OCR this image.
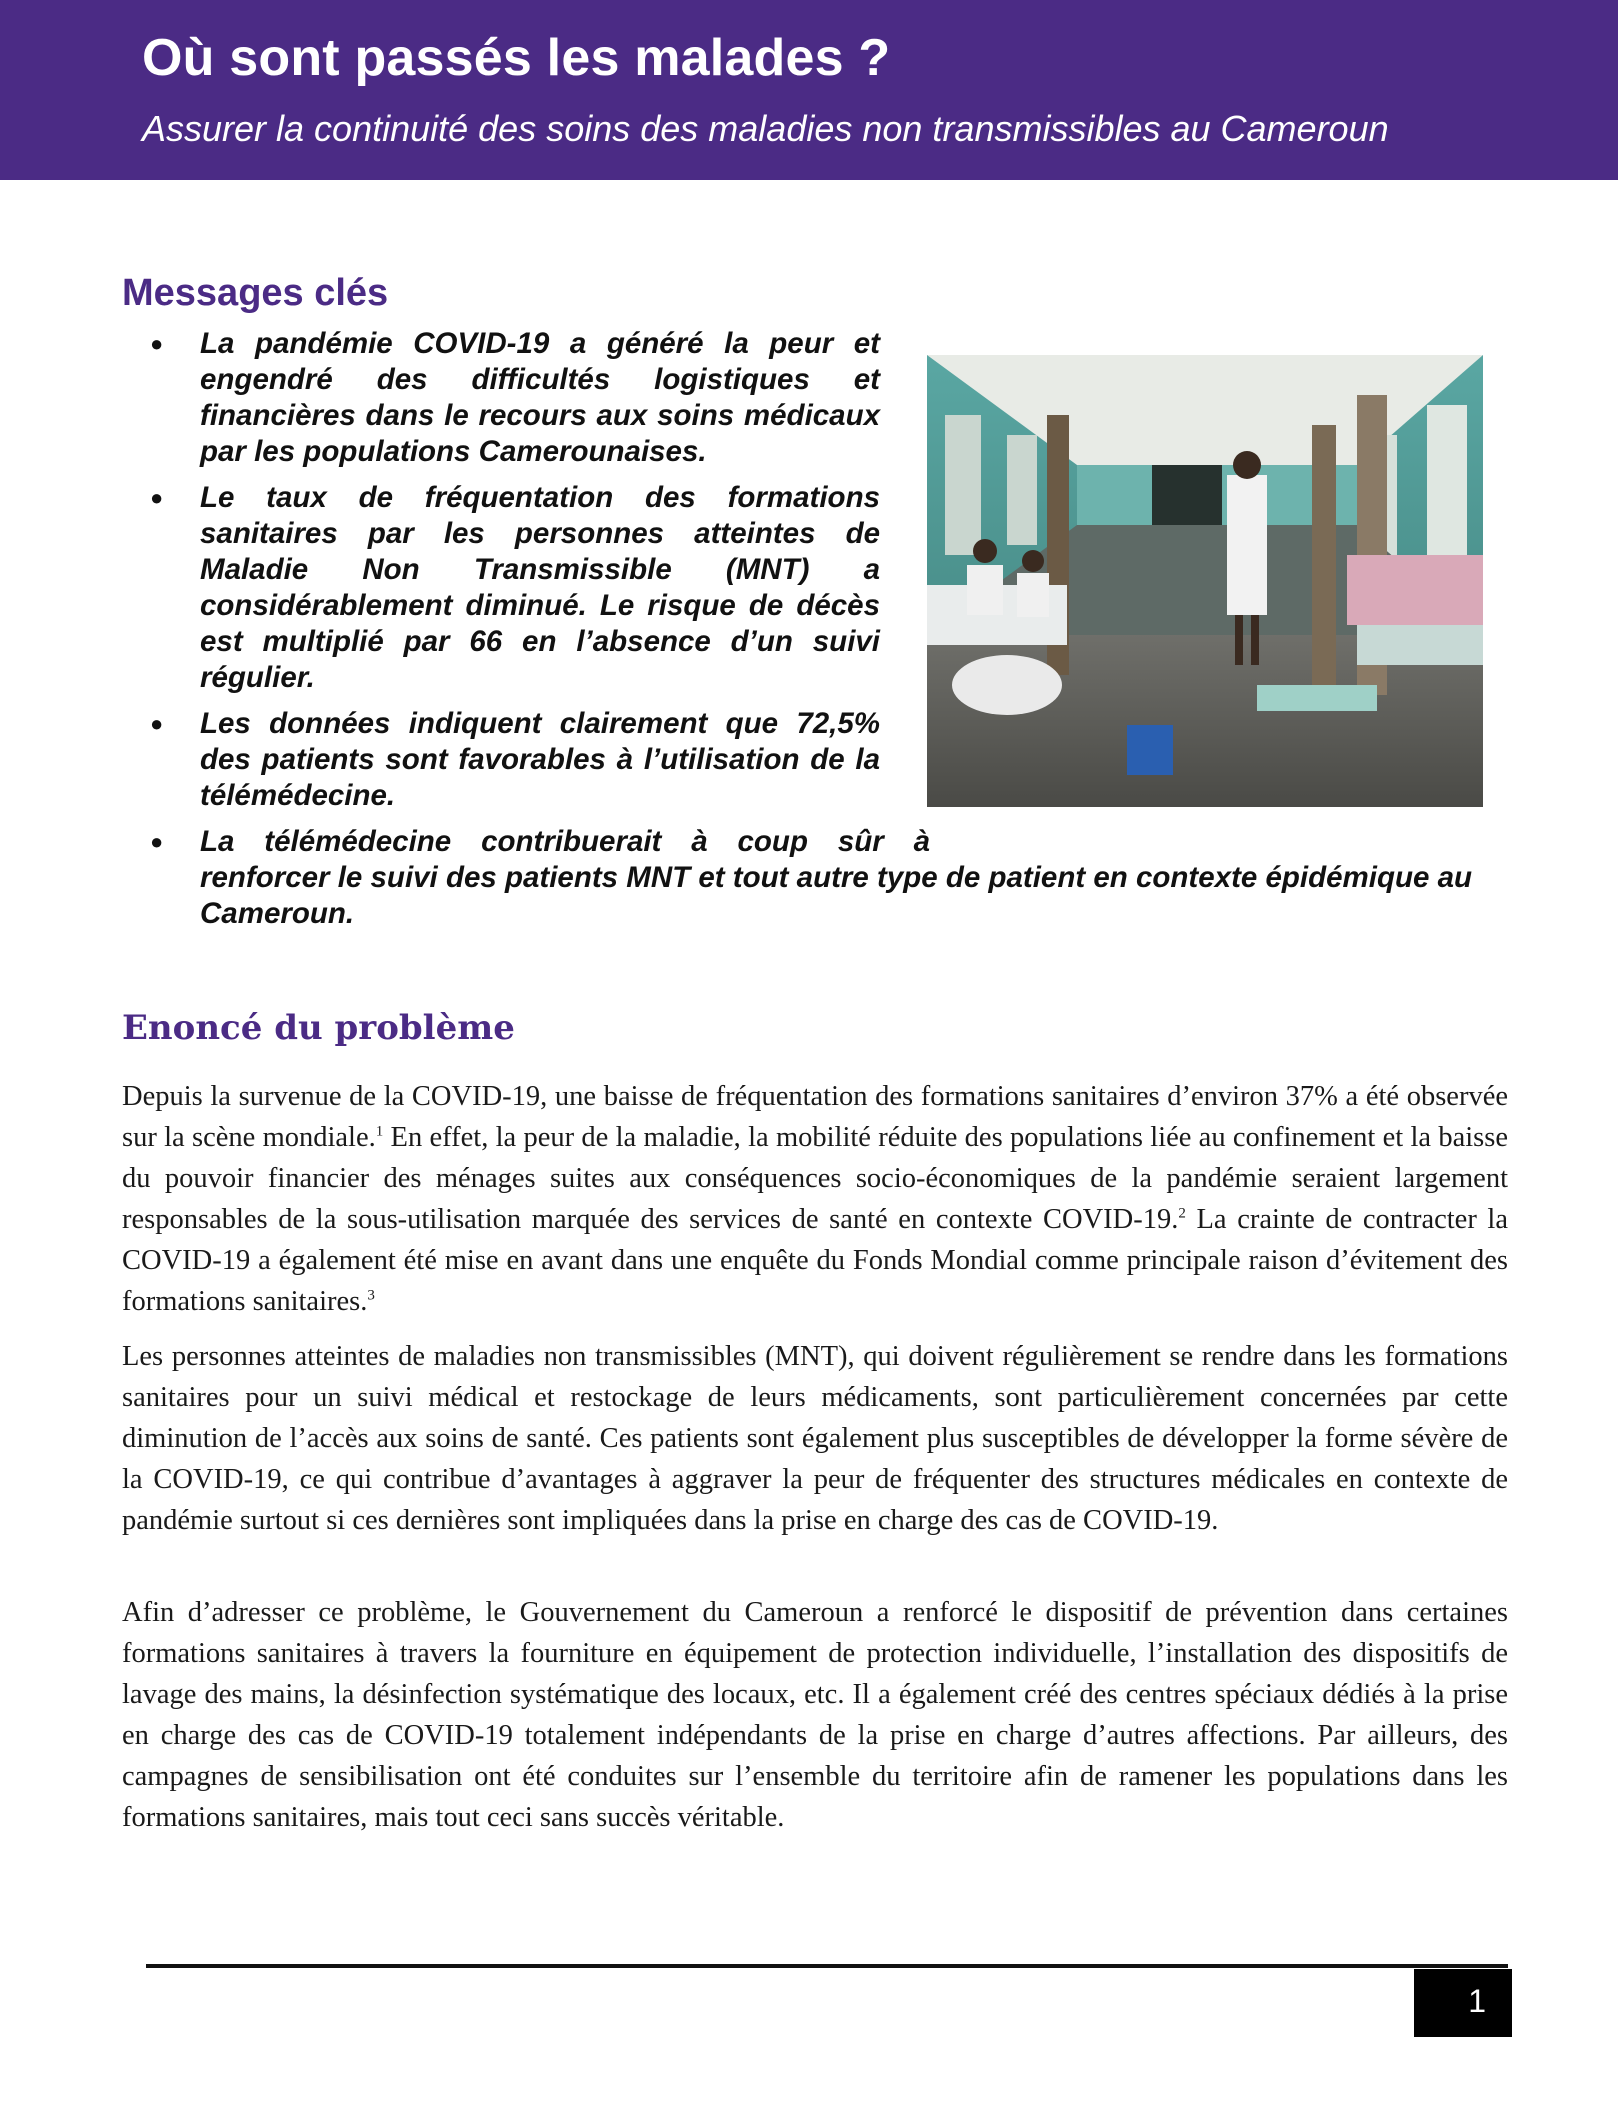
Où sont passés les malades ?
Assurer la continuité des soins des maladies non transmissibles au Cameroun
Messages clés
● La pandémie COVID-19 a généré la peur et engendré des difficultés logistiques et financières dans le recours aux soins médicaux par les populations Camerounaises.
● Le taux de fréquentation des formations sanitaires par les personnes atteintes de Maladie Non Transmissible (MNT) a considérablement diminué. Le risque de décès est multiplié par 66 en l’absence d’un suivi régulier.
● Les données indiquent clairement que 72,5% des patients sont favorables à l’utilisation de la télémédecine.
● La télémédecine contribuerait à coup sûr à
renforcer le suivi des patients MNT et tout autre type de patient en contexte épidémique au Cameroun.
Enoncé du problème

Depuis la survenue de la COVID-19, une baisse de fréquentation des formations sanitaires d’environ 37% a été observée sur la scène mondiale.$^1$ En effet, la peur de la maladie, la mobilité réduite des populations liée au confinement et la baisse du pouvoir financier des ménages suites aux conséquences socio-économiques de la pandémie seraient largement responsables de la sous-utilisation marquée des services de santé en contexte COVID-19.$^2$ La crainte de contracter la COVID-19 a également été mise en avant dans une enquête du Fonds Mondial comme principale raison d’évitement des formations sanitaires.$^3$

Les personnes atteintes de maladies non transmissibles (MNT), qui doivent régulièrement se rendre dans les formations sanitaires pour un suivi médical et restockage de leurs médicaments, sont particulièrement concernées par cette diminution de l’accès aux soins de santé. Ces patients sont également plus susceptibles de développer la forme sévère de la COVID-19, ce qui contribue d’avantages à aggraver la peur de fréquenter des structures médicales en contexte de pandémie surtout si ces dernières sont impliquées dans la prise en charge des cas de COVID-19.

Afin d’adresser ce problème, le Gouvernement du Cameroun a renforcé le dispositif de prévention dans certaines formations sanitaires à travers la fourniture en équipement de protection individuelle, l’installation des dispositifs de lavage des mains, la désinfection systématique des locaux, etc. Il a également créé des centres spéciaux dédiés à la prise en charge des cas de COVID-19 totalement indépendants de la prise en charge d’autres affections. Par ailleurs, des campagnes de sensibilisation ont été conduites sur l’ensemble du territoire afin de ramener les populations dans les formations sanitaires, mais tout ceci sans succès véritable.

1
